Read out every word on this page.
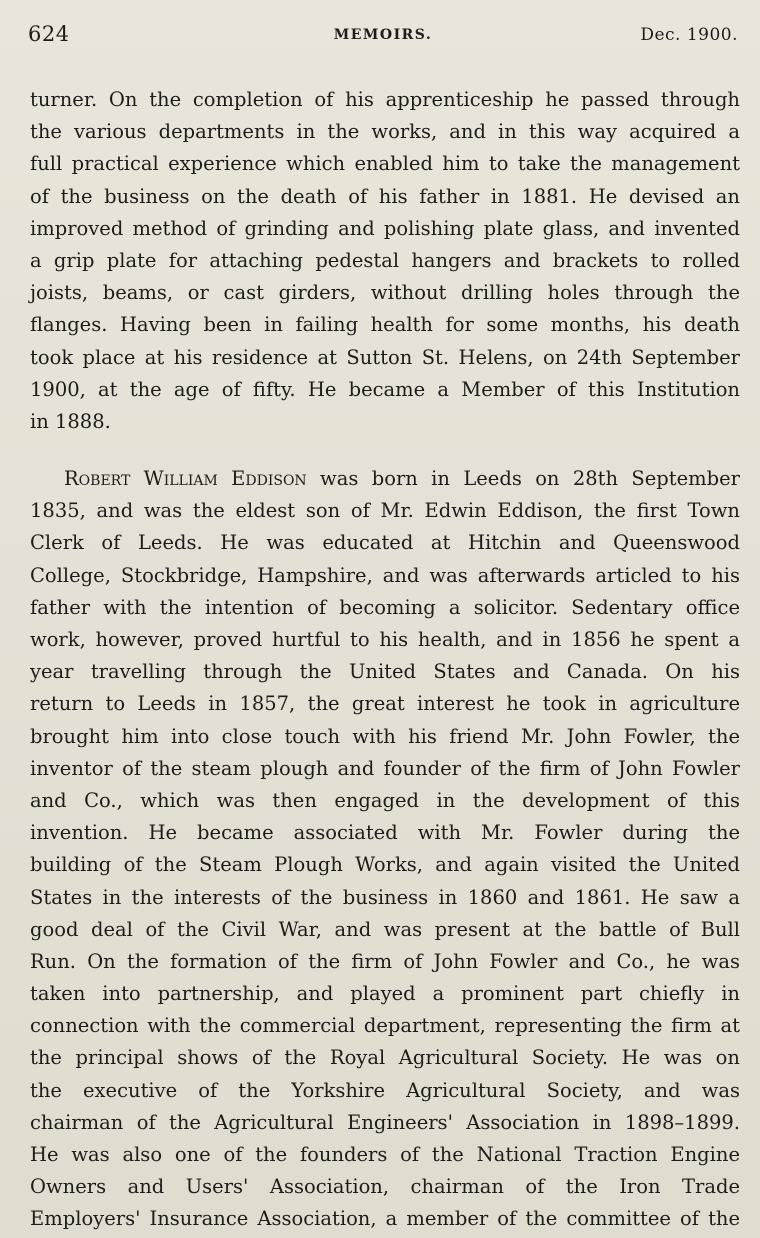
624	MEMOIRS.	Dec. 1900.
turner. On the completion of his apprenticeship he passed through
the various departments in the works, and in this way acquired a
full practical experience which enabled him to take the management
of the business on the death of his father in 1881. He devised an
improved method of grinding and polishing plate glass, and invented
a grip plate for attaching pedestal hangers and brackets to rolled
joists, beams, or cast girders, without drilling holes through the
flanges. Having been in failing health for some months, his death
took place at his residence at Sutton St. Helens, on 24th September
1900, at the age of fifty. He became a Member of this Institution
in 1888.
Robert William Eddison was born in Leeds on 28th September
1835, and was the eldest son of Mr. Edwin Eddison, the first Town
Clerk of Leeds. He was educated at Hitchin and Queenswood
College, Stockbridge, Hampshire, and was afterwards articled to his
father with the intention of becoming a solicitor. Sedentary office
work, however, proved hurtful to his health, and in 1856 he spent a
year travelling through the United States and Canada. On his
return to Leeds in 1857, the great interest he took in agriculture
brought him into close touch with his friend Mr. John Fowler, the
inventor of the steam plough and founder of the firm of John Fowler
and Co., which was then engaged in the development of this
invention. He became associated with Mr. Fowler during the
building of the Steam Plough Works, and again visited the United
States in the interests of the business in 1860 and 1861. He saw a
good deal of the Civil War, and was present at the battle of Bull
Run. On the formation of the firm of John Fowler and Co., he was
taken into partnership, and played a prominent part chiefly in
connection with the commercial department, representing the firm at
the principal shows of the Royal Agricultural Society. He was on
the executive of the Yorkshire Agricultural Society, and was
chairman of the Agricultural Engineers' Association in 1898–1899.
He was also one of the founders of the National Traction Engine
Owners and Users' Association, chairman of the Iron Trade
Employers' Insurance Association, a member of the committee of the
